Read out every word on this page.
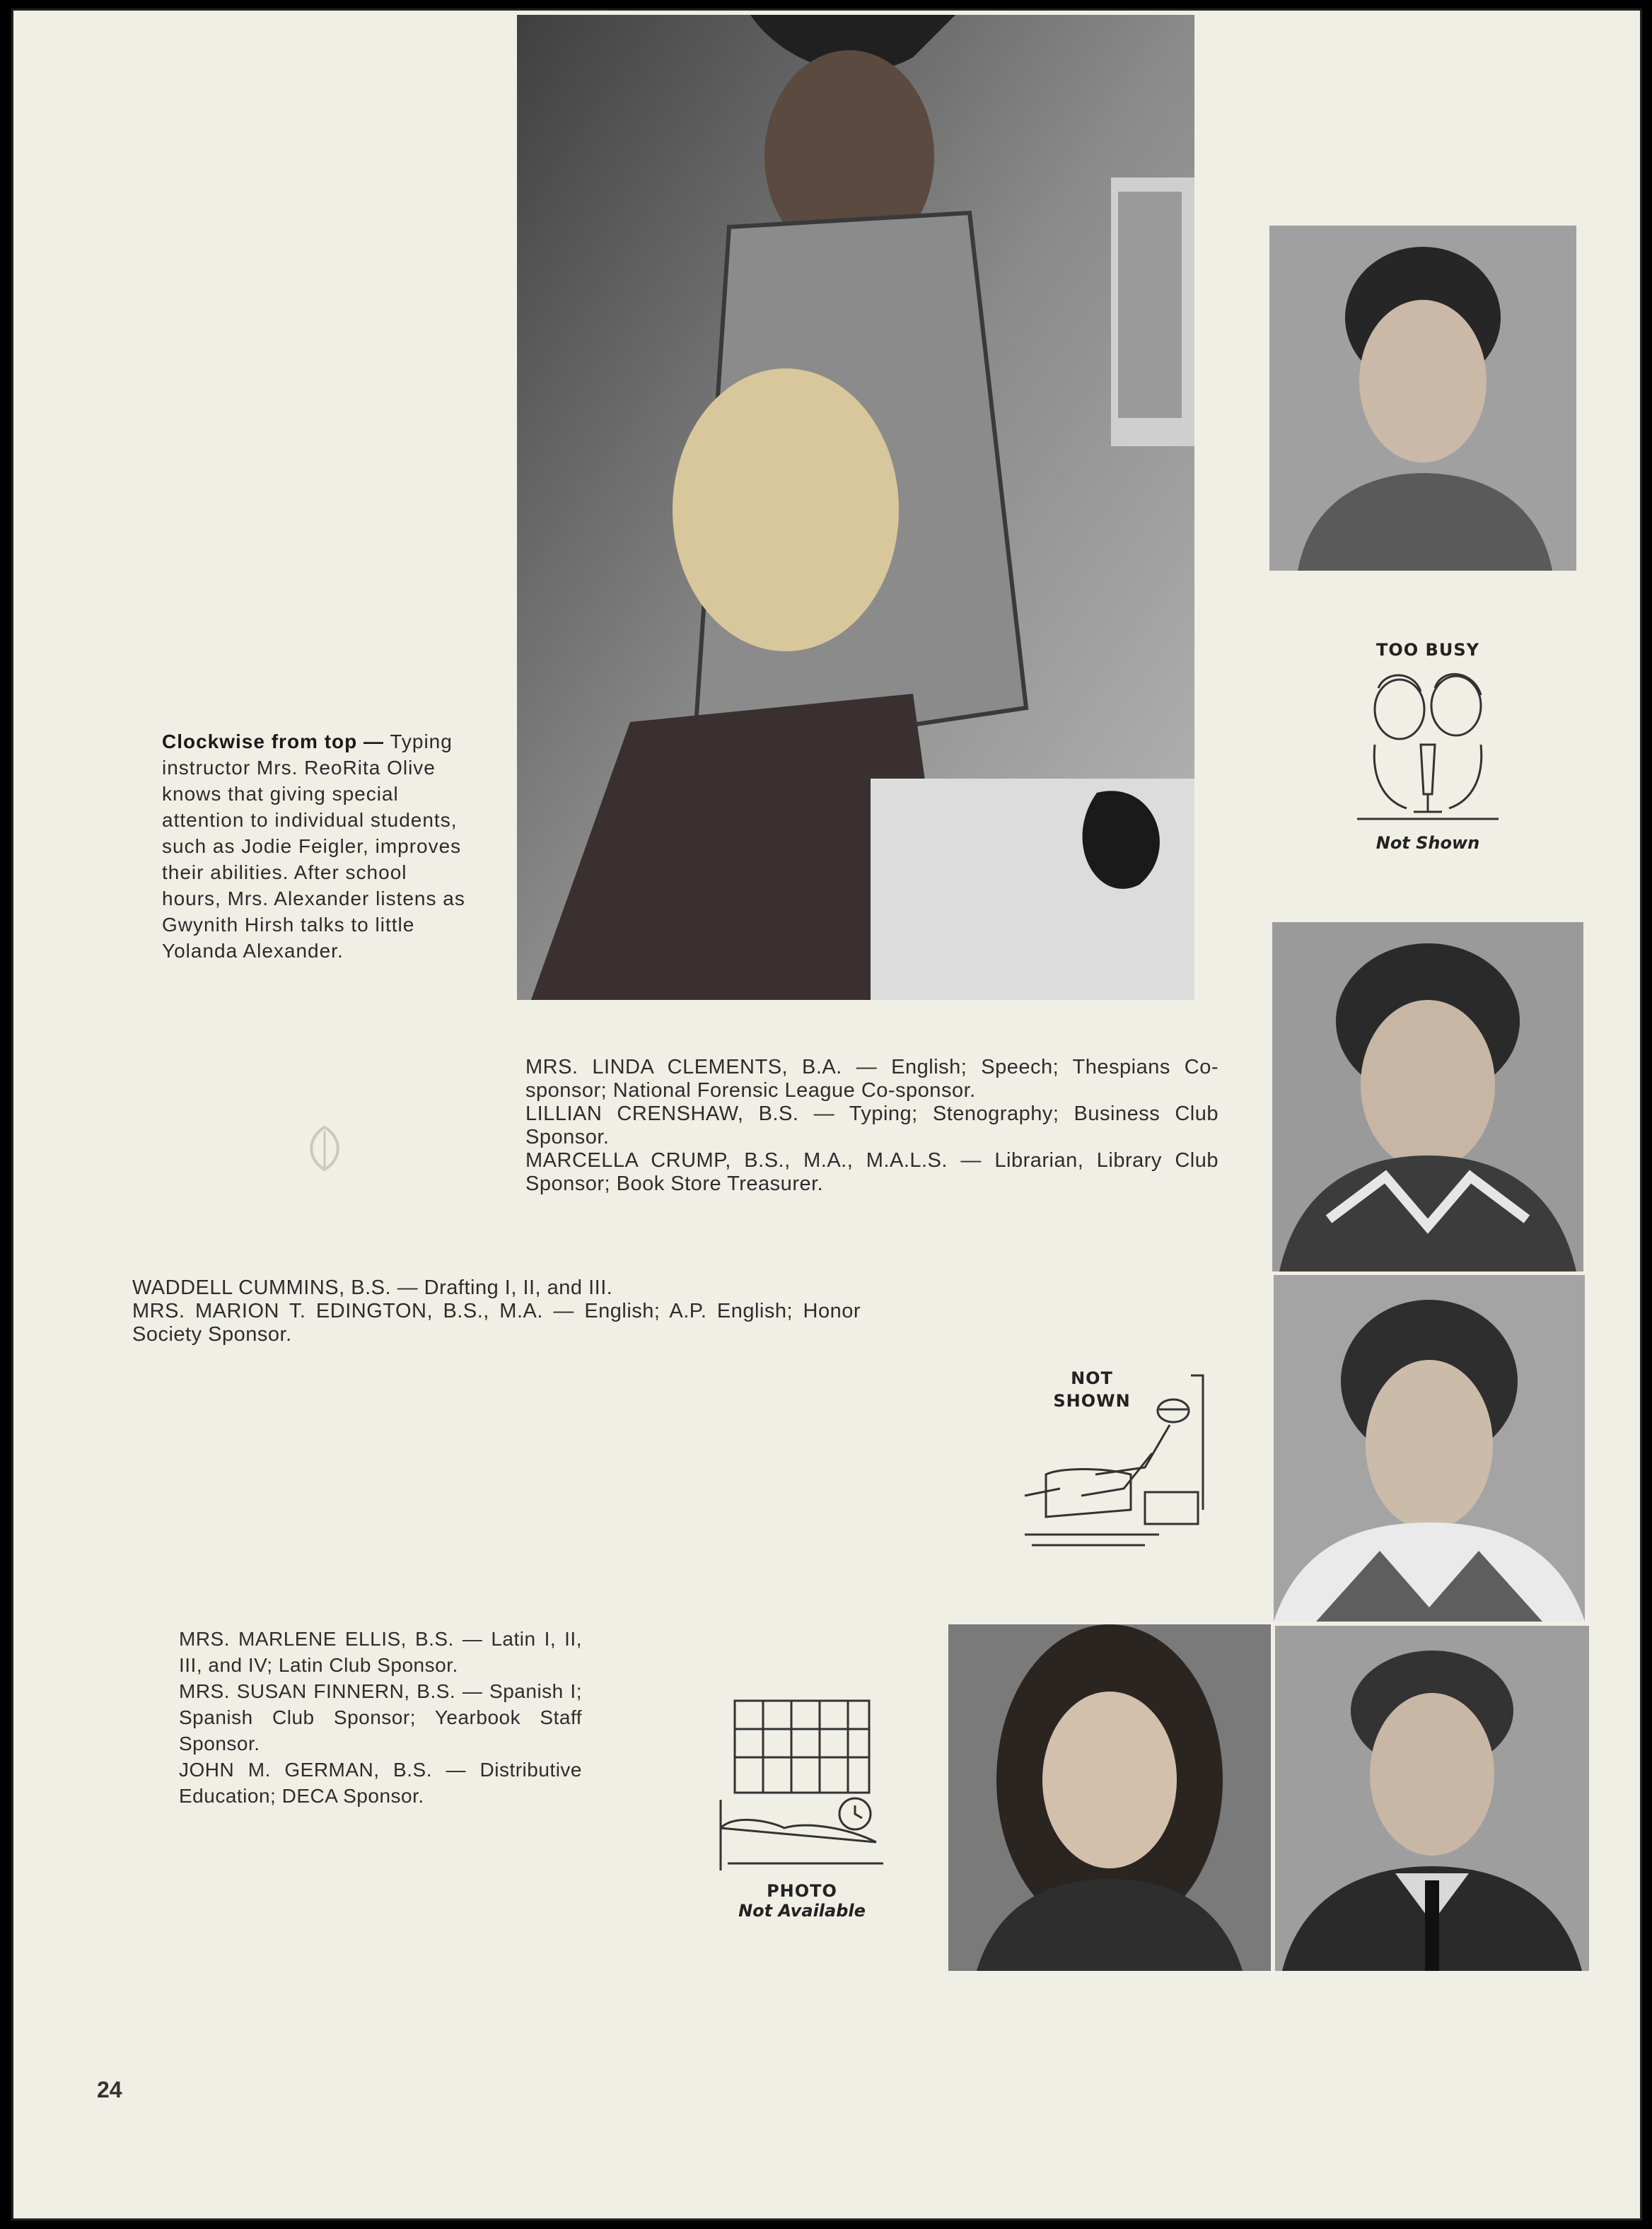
Clockwise from top — Typing instructor Mrs. ReoRita Olive knows that giving special attention to individual students, such as Jodie Feigler, improves their abilities. After school hours, Mrs. Alexander listens as Gwynith Hirsh talks to little Yolanda Alexander.

MRS. LINDA CLEMENTS, B.A. — English; Speech; Thespians Co-sponsor; National Forensic League Co-sponsor.

LILLIAN CRENSHAW, B.S. — Typing; Stenography; Business Club Sponsor.

MARCELLA CRUMP, B.S., M.A., M.A.L.S. — Librarian, Library Club Sponsor; Book Store Treasurer.

WADDELL CUMMINS, B.S. — Drafting I, II, and III.

MRS. MARION T. EDINGTON, B.S., M.A. — English; A.P. English; Honor Society Sponsor.

MRS. MARLENE ELLIS, B.S. — Latin I, II, III, and IV; Latin Club Sponsor.

MRS. SUSAN FINNERN, B.S. — Spanish I; Spanish Club Sponsor; Yearbook Staff Sponsor.

JOHN M. GERMAN, B.S. — Distributive Education; DECA Sponsor.

TOO BUSY
Not Shown
NOT
SHOWN
PHOTO
Not Available
24
